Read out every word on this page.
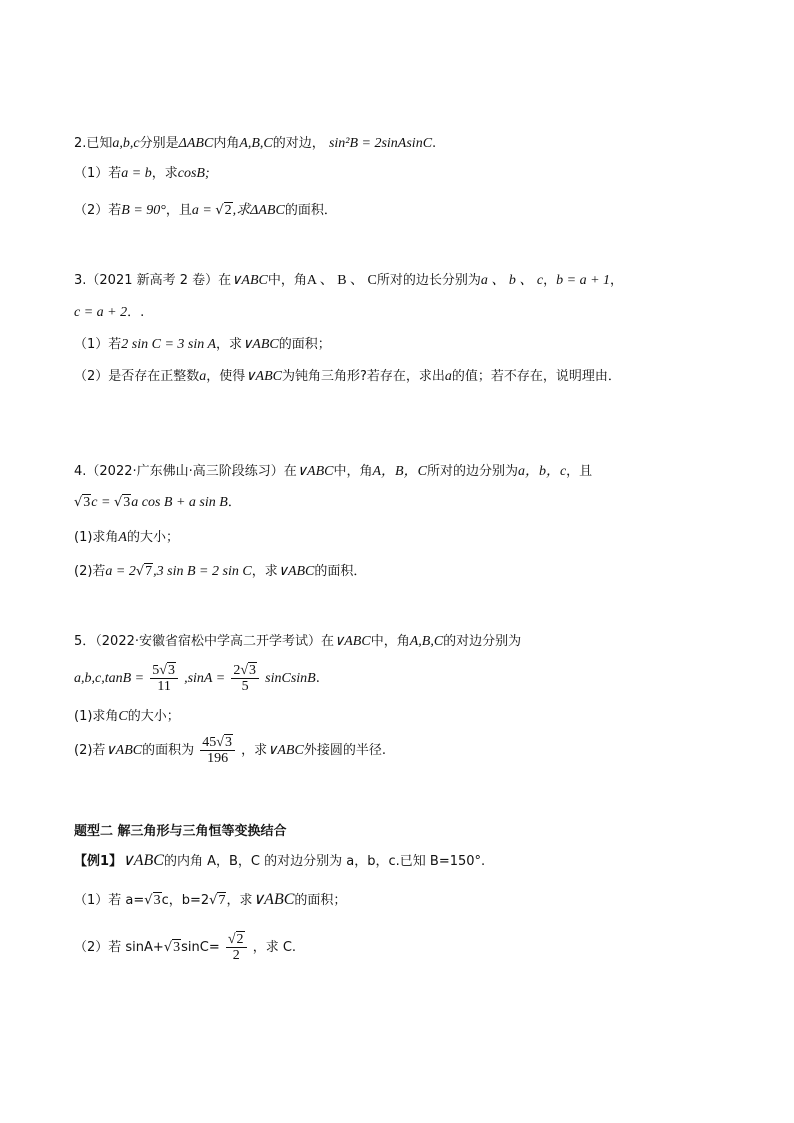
2.已知a,b,c分别是ΔABC内角A,B,C的对边， sin²B = 2sinAsinC.
（1）若a = b，求cosB;
（2）若B = 90°，且a = √2,求ΔABC的面积．
3.（2021 新高考 2 卷）在∨ABC中，角A 、 B 、 C所对的边长分别为a 、 b 、 c，b = a + 1，
c = a + 2．.
（1）若2 sin C = 3 sin A，求∨ABC的面积；
（2）是否存在正整数a，使得∨ABC为钝角三角形?若存在，求出a的值；若不存在，说明理由．
4.（2022·广东佛山·高三阶段练习）在∨ABC中，角A，B，C所对的边分别为a，b，c，且
√3c = √3a cos B + a sin B．
(1)求角A的大小；
(2)若a = 2√7,3 sin B = 2 sin C，求∨ABC的面积．
5．（2022·安徽省宿松中学高二开学考试）在∨ABC中，角A,B,C的对边分别为
$a,b,c,\tan B = \frac{5√3}{11} ,\sin A = \frac{2√3}{5}$ sinCsinB.
(1)求角C的大小；
(2)若∨ABC的面积为 $\frac{45√3}{196}$ ，求∨ABC外接圆的半径.
题型二 解三角形与三角恒等变换结合
【例1】∨ABC的内角 A，B，C 的对边分别为 a，b，c.已知 B=150°.
（1）若 a=√3c，b=2√7，求∨ABC的面积；
（2）若 $\sin A+√3\sin C= \frac{√2}{2}$ ，求 C.
